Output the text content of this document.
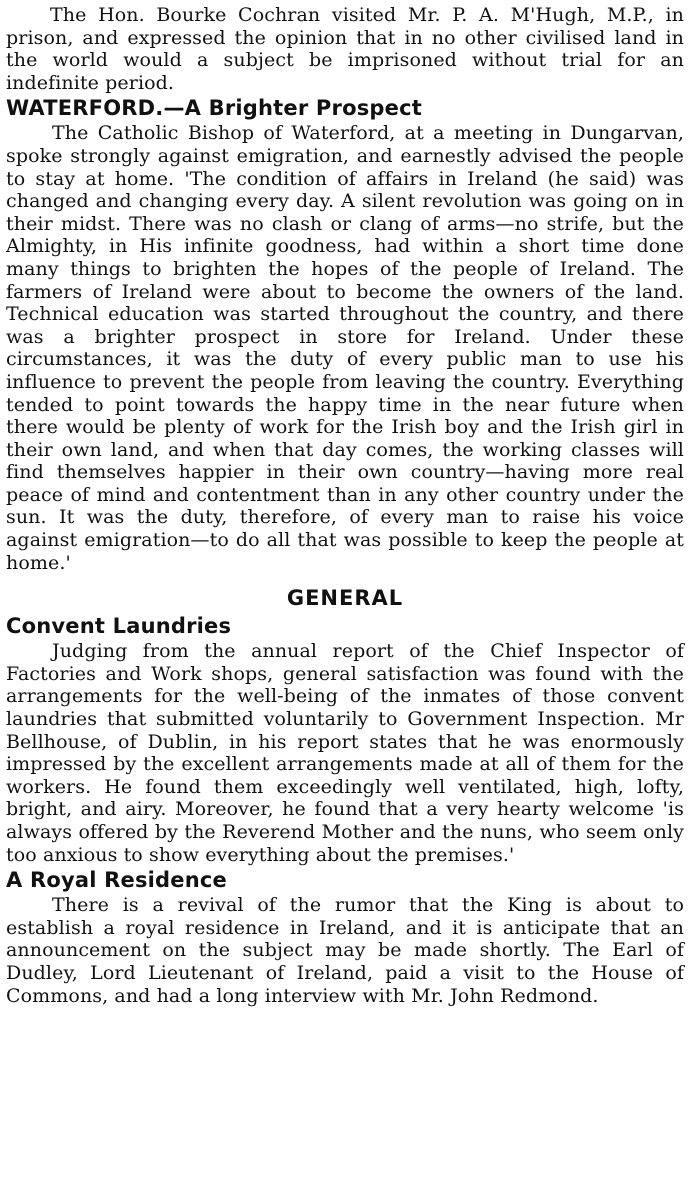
The Hon. Bourke Cochran visited Mr. P. A. M'Hugh, M.P., in prison, and expressed the opinion that in no other civilised land in the world would a subject be imprisoned without trial for an indefinite period.

WATERFORD.—A Brighter Prospect

The Catholic Bishop of Waterford, at a meeting in Dungarvan, spoke strongly against emigration, and earnestly advised the people to stay at home. 'The condition of affairs in Ireland (he said) was changed and changing every day. A silent revolution was going on in their midst. There was no clash or clang of arms—no strife, but the Almighty, in His infinite goodness, had within a short time done many things to brighten the hopes of the people of Ireland. The farmers of Ireland were about to become the owners of the land. Technical education was started throughout the country, and there was a brighter prospect in store for Ireland. Under these circumstances, it was the duty of every public man to use his influence to prevent the people from leaving the country. Everything tended to point towards the happy time in the near future when there would be plenty of work for the Irish boy and the Irish girl in their own land, and when that day comes, the working classes will find themselves happier in their own country—having more real peace of mind and contentment than in any other country under the sun. It was the duty, therefore, of every man to raise his voice against emigration—to do all that was possible to keep the people at home.'

GENERAL
Convent Laundries

Judging from the annual report of the Chief Inspector of Factories and Work shops, general satisfaction was found with the arrangements for the well-being of the inmates of those convent laundries that submitted voluntarily to Government Inspection. Mr Bellhouse, of Dublin, in his report states that he was enormously impressed by the excellent arrangements made at all of them for the workers. He found them exceedingly well ventilated, high, lofty, bright, and airy. Moreover, he found that a very hearty welcome 'is always offered by the Reverend Mother and the nuns, who seem only too anxious to show everything about the premises.'

A Royal Residence

There is a revival of the rumor that the King is about to establish a royal residence in Ireland, and it is anticipate that an announcement on the subject may be made shortly. The Earl of Dudley, Lord Lieutenant of Ireland, paid a visit to the House of Commons, and had a long interview with Mr. John Redmond.
